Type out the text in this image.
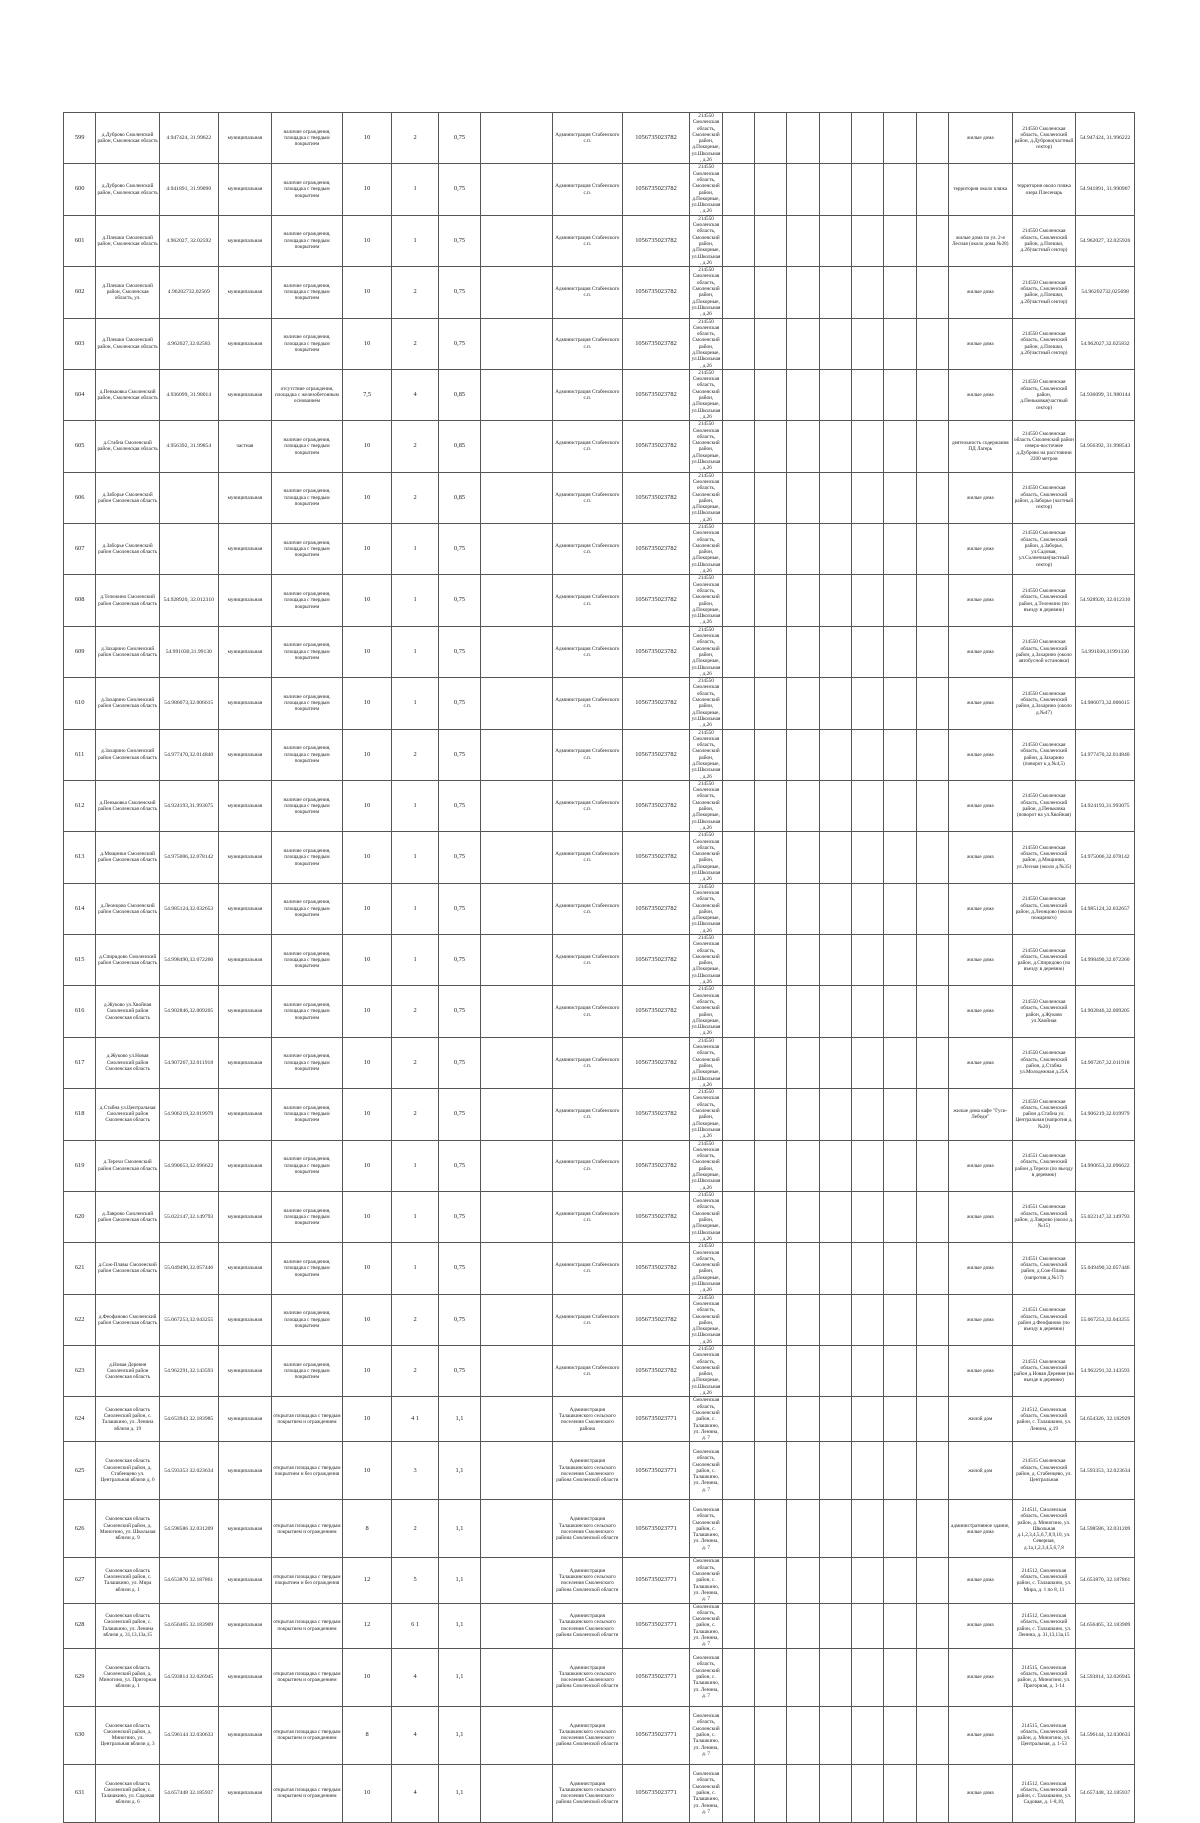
599	д.Дуброво Смоленский район, Смоленская область	4.947424, 31.99622	муниципальная	наличие ограждения, площадка с твердым покрытием	10	2	0,75		Администрация Стабенского с.п.	1056735023782	214550 Смоленская область, Смоленский район, д.Покорные, ул.Школьная, д.26								жилые дома	214550 Смоленская область, Смоленский район, д.Дуброво(частный сектор)	54.947424, 31.996222
600	д.Дуброво Смоленский район, Смоленская область	4.941891, 31.99090	муниципальная	наличие ограждения, площадка с твердым покрытием	10	1	0,75		Администрация Стабенского с.п.	1056735023782	214550 Смоленская область, Смоленский район, д.Покорные, ул.Школьная, д.26								территория около пляжа	территория около пляжа озера Плесенарь	54.941891, 31.990907
601	д.Плешки Смоленский район, Смоленская область	4.962027, 32.02592	муниципальная	наличие ограждения, площадка с твердым покрытием	10	1	0,75		Администрация Стабенского с.п.	1056735023782	214550 Смоленская область, Смоленский район, д.Покорные, ул.Школьная, д.26								жилые дома по ул. 2-я Лесная (около дома №28)	214550 Смоленская область, Смоленский район, д.Плешки, д.2б(частный сектор)	54.962027, 32.025926
602	д.Плешки Смоленский район, Смоленская область, ул.	4.96202732,02569	муниципальная	наличие ограждения, площадка с твердым покрытием	10	2	0,75		Администрация Стабенского с.п.	1056735023782	214550 Смоленская область, Смоленский район, д.Покорные, ул.Школьная, д.26								жилые дома	214550 Смоленская область, Смоленский район, д.Плешки, д.2б(частный сектор)	54.96202732,025698
603	д.Плешки Смоленский район, Смоленская область	4.962027,32.02583	муниципальная	наличие ограждения, площадка с твердым покрытием	10	2	0,75		Администрация Стабенского с.п.	1056735023782	214550 Смоленская область, Смоленский район, д.Покорные, ул.Школьная, д.26								жилые дома	214550 Смоленская область, Смоленский район, д.Плешки, д.2б(частный сектор)	54.962027,32.025832
604	д.Пеньковка Смоленский район, Смоленская область	4.936099, 31.98014	муниципальная	отсутствие ограждения, площадка с железобетонным основанием	7,5	4	0,85		Администрация Стабенского с.п.	1056735023782	214550 Смоленская область, Смоленский район, д.Покорные, ул.Школьная, д.26								жилые дома	214550 Смоленская область, Смоленский район, д.Пеньковка(частный сектор)	54.936099, 31.980144
605	д.Стабна Смоленский район, Смоленская область	4.956392, 31.99854	частная	наличие ограждения, площадка с твердым покрытием	10	2	0,85		Администрация Стабенского с.п.	1056735023782	214550 Смоленская область, Смоленский район, д.Покорные, ул.Школьная, д.26								деятельность содержания ПД Лагерь	214550 Смоленская область Смоленский район северо-восточнее д.Дуброво на расстоянии 2200 метров	54.956392, 31.998543
606	д.Заборье Смоленский район Смоленская область		муниципальная	наличие ограждения, площадка с твердым покрытием	10	2	0,85		Администрация Стабенского с.п.	1056735023782	214550 Смоленская область, Смоленский район, д.Покорные, ул.Школьная, д.26								жилые дома	214550 Смоленская область, Смоленский район, д.Заборье (частный сектор)	
607	д.Заборье Смоленский район Смоленская область		муниципальная	наличие ограждения, площадка с твердым покрытием	10	1	0,75		Администрация Стабенского с.п.	1056735023782	214550 Смоленская область, Смоленский район, д.Покорные, ул.Школьная, д.26								жилые дома	214550 Смоленская область, Смоленский район, д.Заборье, ул.Садовая, ул.Солнечная(частный сектор)	
608	д.Тележино Смоленский район Смоленская область	54.928920, 32.012310	муниципальная	наличие ограждения, площадка с твердым покрытием	10	1	0,75		Администрация Стабенского с.п.	1056735023782	214550 Смоленская область, Смоленский район, д.Покорные, ул.Школьная, д.26								жилые дома	214550 Смоленская область, Смоленский район, д.Тележино (по въезду в деревню)	54.928920, 32.012310
609	д.Захарино Смоленский район Смоленская область	54.991030,31.99130	муниципальная	наличие ограждения, площадка с твердым покрытием	10	1	0,75		Администрация Стабенского с.п.	1056735023782	214550 Смоленская область, Смоленский район, д.Покорные, ул.Школьная, д.26								жилые дома	214550 Смоленская область, Смоленский район, д.Захарино (около автобусной остановки)	54.991030,31991330
610	д.Захарино Смоленский район Смоленская область	54.986073,32.006615	муниципальная	наличие ограждения, площадка с твердым покрытием	10	1	0,75		Администрация Стабенского с.п.	1056735023782	214550 Смоленская область, Смоленский район, д.Покорные, ул.Школьная, д.26								жилые дома	214550 Смоленская область, Смоленский район, д.Захарино (около д.№47)	54.986073,32.006615
611	д.Захарино Смоленский район Смоленская область	54.977470,32.014840	муниципальная	наличие ограждения, площадка с твердым покрытием	10	2	0,75		Администрация Стабенского с.п.	1056735023782	214550 Смоленская область, Смоленский район, д.Покорные, ул.Школьная, д.26								жилые дома	214550 Смоленская область, Смоленский район, д.Захарино (поворот к д.№4,5)	54.977470,32.014840
612	д.Пеньковка Смоленский район Смоленская область	54.924193,31.993075	муниципальная	наличие ограждения, площадка с твердым покрытием	10	1	0,75		Администрация Стабенского с.п.	1056735023782	214550 Смоленская область, Смоленский район, д.Покорные, ул.Школьная, д.26								жилые дома	214550 Смоленская область, Смоленский район, д.Пеньковка (поворот на ул.Хвойная)	54.924193,31.993075
613	д.Мощинки Смоленский район Смоленская область	54.975006,32.078142	муниципальная	наличие ограждения, площадка с твердым покрытием	10	1	0,75		Администрация Стабенского с.п.	1056735023782	214550 Смоленская область, Смоленский район, д.Покорные, ул.Школьная, д.26								жилые дома	214550 Смоленская область, Смоленский район, д.Мощинки, ул.Лесная (около д.№35)	54.975006,32.078142
614	д.Леонцово Смоленский район Смоленская область	54.985124,32.032653	муниципальная	наличие ограждения, площадка с твердым покрытием	10	1	0,75		Администрация Стабенского с.п.	1056735023782	214550 Смоленская область, Смоленский район, д.Покорные, ул.Школьная, д.26								жилые дома	214550 Смоленская область, Смоленский район, д.Леонцово (около пожарного)	54.985124,32.032657
615	д.Спиридово Смоленский район Смоленская область	54.998490,32.072260	муниципальная	наличие ограждения, площадка с твердым покрытием	10	1	0,75		Администрация Стабенского с.п.	1056735023782	214550 Смоленская область, Смоленский район, д.Покорные, ул.Школьная, д.26								жилые дома	214550 Смоленская область, Смоленский район, д.Спиридово (по въезду в деревню)	54.998490,32.072260
616	д.Жуково ул.Хвойная Смоленский район Смоленская область	54.902846,32.009205	муниципальная	наличие ограждения, площадка с твердым покрытием	10	2	0,75		Администрация Стабенского с.п.	1056735023782	214550 Смоленская область, Смоленский район, д.Покорные, ул.Школьная, д.26								жилые дома	214550 Смоленская область, Смоленский район, д.Жуково ул.Хвойная	54.902846,32.009205
617	д.Жуково ул.Новая Смоленский район Смоленская область	54.907267,32.011918	муниципальная	наличие ограждения, площадка с твердым покрытием	10	2	0,75		Администрация Стабенского с.п.	1056735023782	214550 Смоленская область, Смоленский район, д.Покорные, ул.Школьная, д.26								жилые дома	214550 Смоленская область, Смоленский район, д.Стабна ул.Молодежная д.25А	54.907267,32.011918
618	д.Стабна ул.Центральная Смоленский район Смоленская область	54.906219,32.019979	муниципальная	наличие ограждения, площадка с твердым покрытием	10	2	0,75		Администрация Стабенского с.п.	1056735023782	214550 Смоленская область, Смоленский район, д.Покорные, ул.Школьная, д.26								жилые дома кафе "Гуси-Лебеди"	214550 Смоленская область, Смоленский район д.Стабна ул. Центральная (напротив д.№26)	54.906219,32.019979
619	д.Терехи Смоленский район Смоленская область	54.990653,32.096622	муниципальная	наличие ограждения, площадка с твердым покрытием	10	1	0,75		Администрация Стабенского с.п.	1056735023782	214550 Смоленская область, Смоленский район, д.Покорные, ул.Школьная, д.26								жилые дома	214551 Смоленская область, Смоленский район д.Терехи (по въезду в деревню)	54.990653,32.096622
620	д.Лаврово Смоленский район Смоленская область	55.022147,32.149793	муниципальная	наличие ограждения, площадка с твердым покрытием	10	1	0,75		Администрация Стабенского с.п.	1056735023782	214550 Смоленская область, Смоленский район, д.Покорные, ул.Школьная, д.26								жилые дома	214551 Смоленская область, Смоленский район, д.Лаврово (около д.№15)	55.022147,32.149793
621	д.Сож-Плавы Смоленский район Смоленская область	55.049490,32.057446	муниципальная	наличие ограждения, площадка с твердым покрытием	10	1	0,75		Администрация Стабенского с.п.	1056735023782	214550 Смоленская область, Смоленский район, д.Покорные, ул.Школьная, д.26								жилые дома	214551 Смоленская область, Смоленский район, д.Сож-Плавы (напротив д.№17)	55.049490,32.057446
622	д.Феофаново Смоленский район Смоленская область	55.067253,32.043255	муниципальная	наличие ограждения, площадка с твердым покрытием	10	2	0,75		Администрация Стабенского с.п.	1056735023782	214550 Смоленская область, Смоленский район, д.Покорные, ул.Школьная, д.26								жилые дома	214551 Смоленская область, Смоленский район д.Феофаново (по въезду в деревню)	55.067253,32.043255
623	д.Новая Деревня Смоленский район Смоленская область	54.962291,32.143593	муниципальная	наличие ограждения, площадка с твердым покрытием	10	2	0,75		Администрация Стабенского с.п.	1056735023782	214550 Смоленская область, Смоленский район, д.Покорные, ул.Школьная, д.26								жилые дома	214551 Смоленская область, Смоленский район д.Новая Деревня (на въезде в деревню)	54.962291,32.143593
624	Смоленская область Смоленский район, с. Талашкино, ул. Ленина вблизи д. 19	54.653943 32.183985	муниципальная	открытая площадка с твердым покрытием и ограждением	10	4 1	1,1		Администрация Талашкинского сельского поселения Смоленского района	1056735023771	Смоленская область, Смоленский район, с. Талашкино, ул. Ленина, д. 7								жилой дом	214512, Смоленская область, Смоленский район, с. Талашкино, ул. Ленина, д.19	54.654326, 32.182929
625	Смоленская область Смоленский район, д. Стабенцево ул. Центральная вблизи д. 6	54.593353 32.023634	муниципальная	открытая площадка с твердым покрытием и без ограждения	10	3	1,1		Администрация Талашкинского сельского поселения Смоленского района Смоленской области	1056735023771	Смоленская область, Смоленский район, с. Талашкино, ул. Ленина, д. 7								жилой дом	214515 Смоленская область, Смоленский район, д. Стабенцево, ул. Центральная	54.593353, 32.023634
626	Смоленская область Смоленский район, д. Миногино, ул. Школьная вблизи д. 9	54.598586 32.031209	муниципальная	открытая площадка с твердым покрытием и ограждением	8	2	1,1		Администрация Талашкинского сельского поселения Смоленского района Смоленской области	1056735023771	Смоленская область, Смоленский район, с. Талашкино, ул. Ленина, д. 7								административное здание, жилые дома	214511, Смоленская область, Смоленский район, д. Миногино, ул. Школьная д.1,2,3,4,5,6,7,8,9,10, ул. Северная, д.1а,1,2,3,4,5,6,7,8	54.598586, 32.031209
627	Смоленская область Смоленский район, с. Талашкино, ул. Мира вблизи д. 1	54.653870 32.187861	муниципальная	открытая площадка с твердым покрытием и без ограждения	12	5	1,1		Администрация Талашкинского сельского поселения Смоленского района Смоленской области	1056735023771	Смоленская область, Смоленский район, с. Талашкино, ул. Ленина, д. 7								жилые дома	214512, Смоленская область, Смоленский район, с. Талашкино, ул. Мира, д. 1 по 8, 11	54.653870, 32.187861
628	Смоленская область Смоленский район, с. Талашкино, ул. Ленина вблизи д. 31,13,13а,15	54.656465 32.183909	муниципальная	открытая площадка с твердым покрытием и ограждением	12	6 1	1,1		Администрация Талашкинского сельского поселения Смоленского района Смоленской области	1056735023771	Смоленская область, Смоленский район, с. Талашкино, ул. Ленина, д. 7								жилые дома	214512, Смоленская область, Смоленский район, с. Талашкино, ул. Ленина, д. 31,13,13а,15	54.656465, 32.183909
629	Смоленская область Смоленский район, д. Миногино, ул. Пригорная вблизи д. 1	54.593814 32.026945	муниципальная	открытая площадка с твердым покрытием и ограждением	10	4	1,1		Администрация Талашкинского сельского поселения Смоленского района Смоленской области	1056735023771	Смоленская область, Смоленский район, с. Талашкино, ул. Ленина, д. 7								жилые дома	214515, Смоленская область, Смоленский район, д. Миногино, ул. Пригорная, д. 1-14	54.593814, 32.026945
630	Смоленская область Смоленский район, д. Миногино, ул. Центральная вблизи д. 3	54.596144 32.030633	муниципальная	открытая площадка с твердым покрытием и ограждением	8	4	1,1		Администрация Талашкинского сельского поселения Смоленского района Смоленской области	1056735023771	Смоленская область, Смоленский район, с. Талашкино, ул. Ленина, д. 7								жилые дома	214515, Смоленская область, Смоленский район, д. Миногино, ул. Центральная, д. 1-53	54.596144, 32.030633
631	Смоленская область Смоленский район, с. Талашкино, ул. Садовая вблизи д. 6	54.657448 32.185937	муниципальная	открытая площадка с твердым покрытием и ограждением	10	4	1,1		Администрация Талашкинского сельского поселения Смоленского района Смоленской области	1056735023771	Смоленская область, Смоленский район, с. Талашкино, ул. Ленина, д. 7								жилые дома	214512, Смоленская область, Смоленский район, с. Талашкино, ул. Садовая, д. 1-8,10,	54.657448, 32.185937
